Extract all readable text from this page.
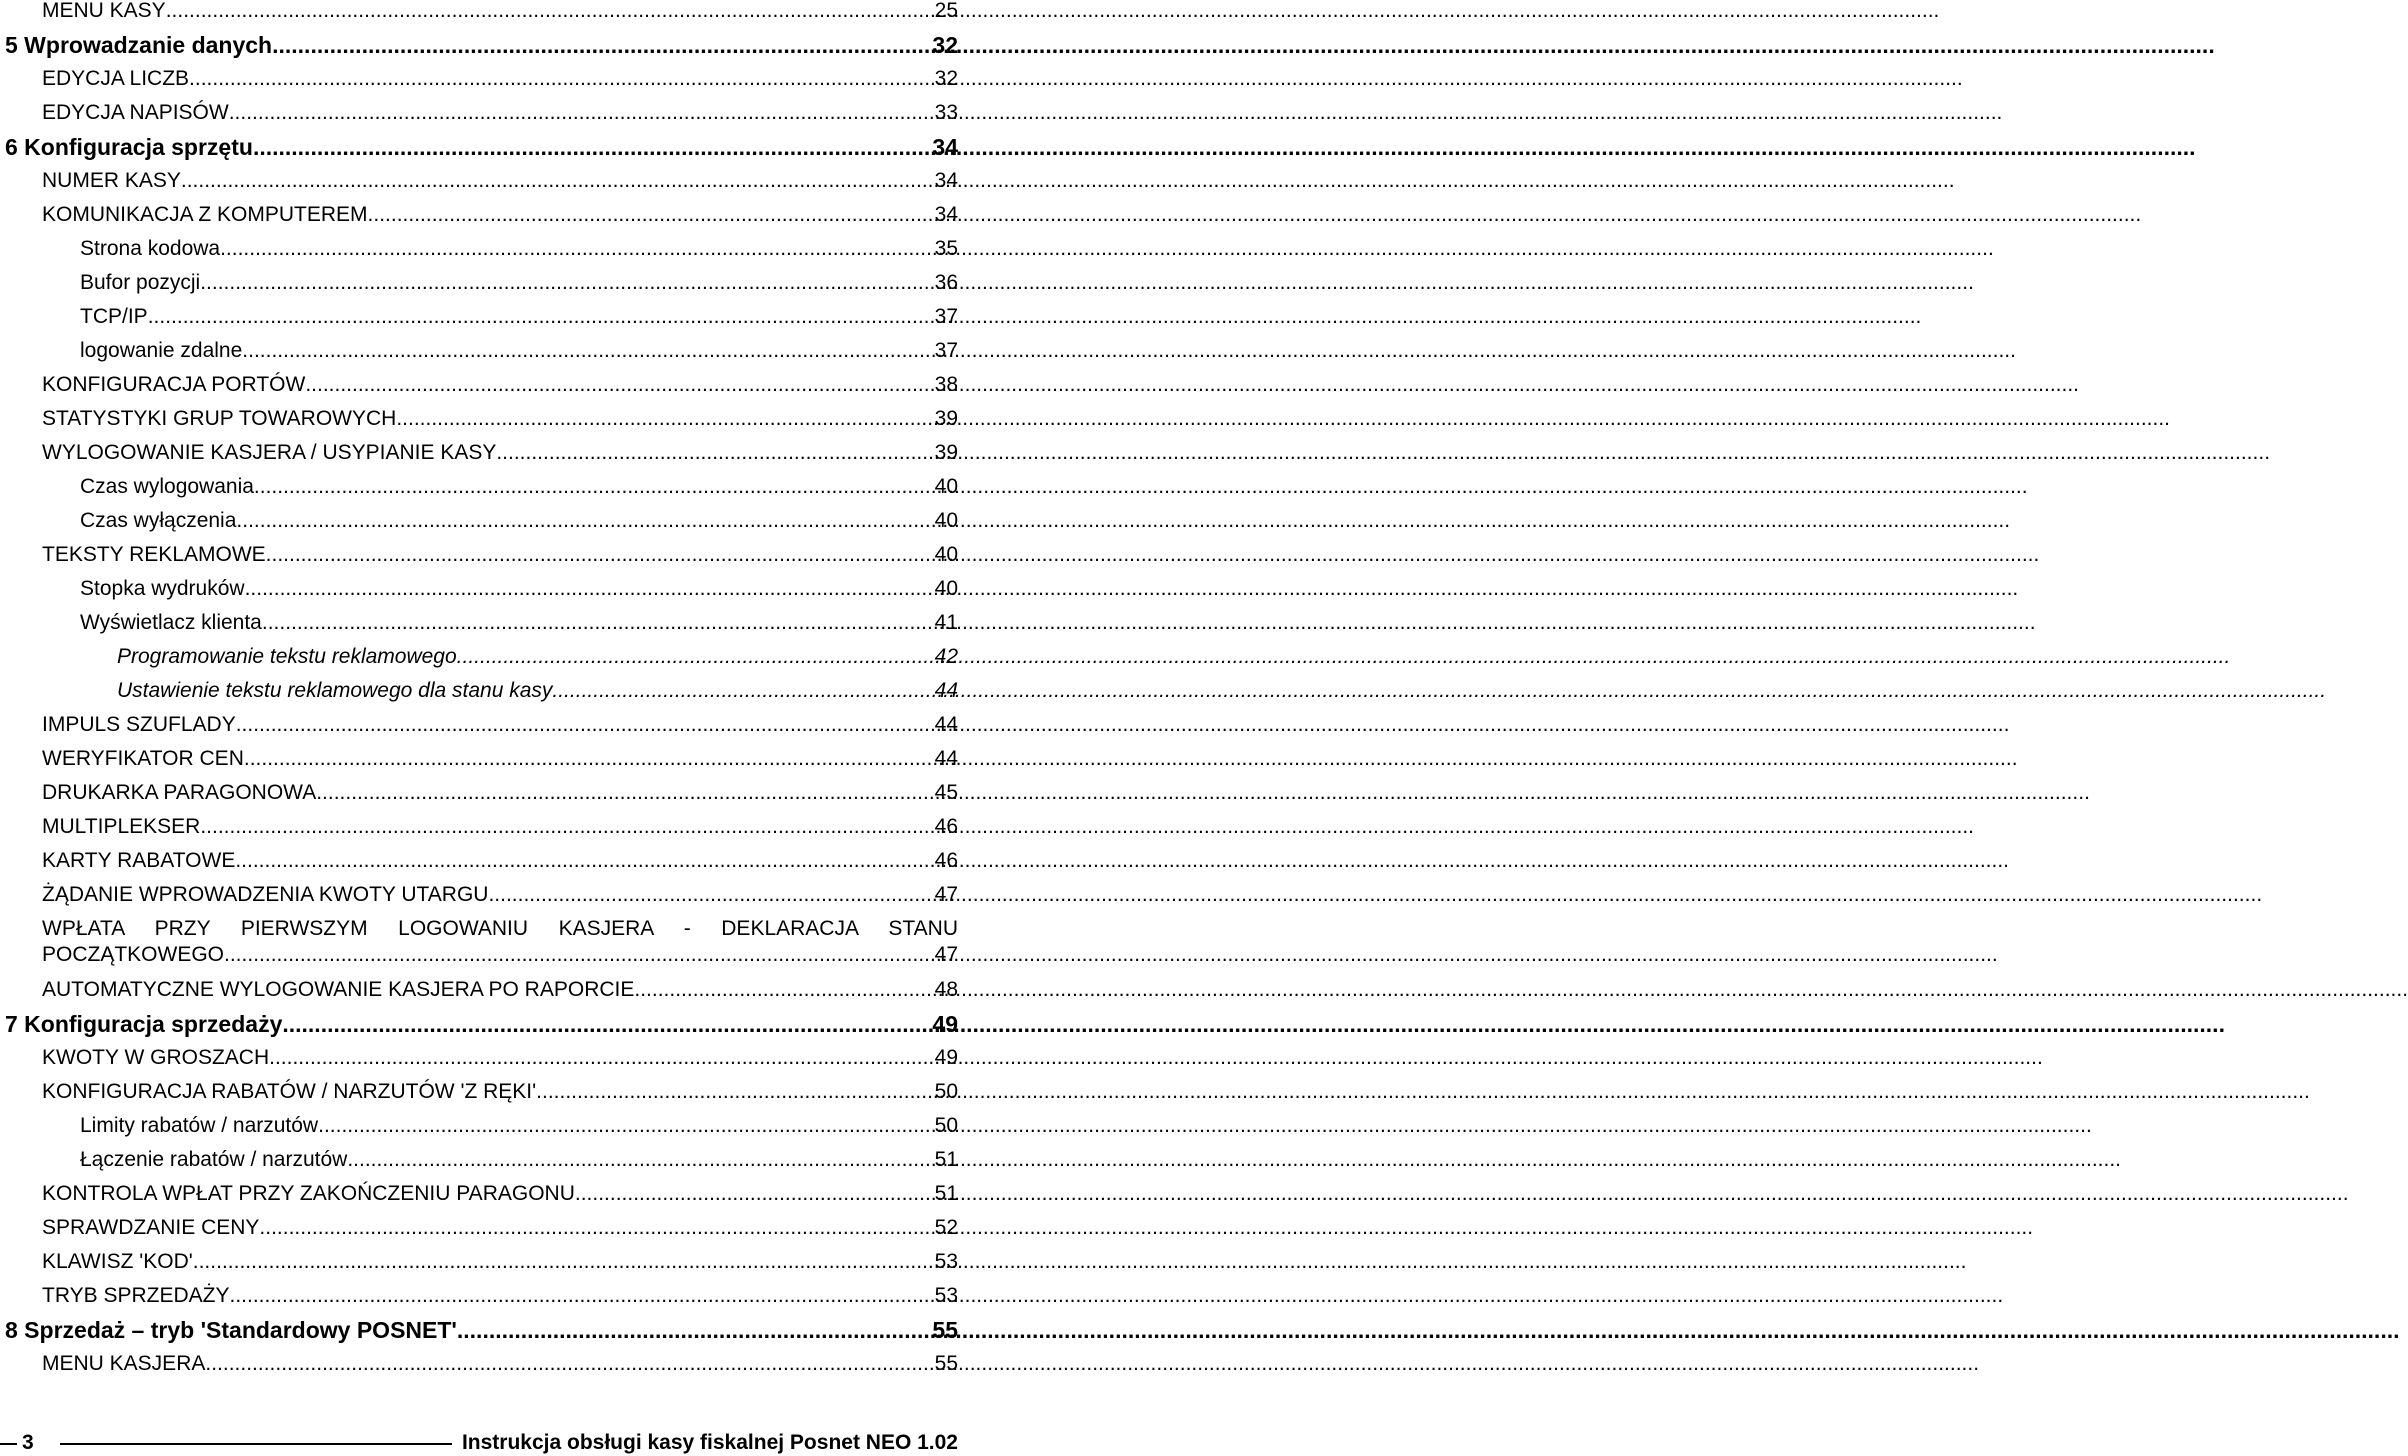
MENU KASY .....	25
5 Wprowadzanie danych .....	32
EDYCJA LICZB .....	32
EDYCJA NAPISÓW .....	33
6 Konfiguracja sprzętu .....	34
NUMER KASY .....	34
KOMUNIKACJA Z KOMPUTEREM .....	34
Strona kodowa .....	35
Bufor pozycji .....	36
TCP/IP .....	37
logowanie zdalne .....	37
KONFIGURACJA PORTÓW .....	38
STATYSTYKI GRUP TOWAROWYCH .....	39
WYLOGOWANIE KASJERA / USYPIANIE KASY .....	39
Czas wylogowania .....	40
Czas wyłączenia .....	40
TEKSTY REKLAMOWE .....	40
Stopka wydruków .....	40
Wyświetlacz klienta .....	41
Programowanie tekstu reklamowego .....	42
Ustawienie tekstu reklamowego dla stanu kasy .....	44
IMPULS SZUFLADY .....	44
WERYFIKATOR CEN .....	44
DRUKARKA PARAGONOWA .....	45
MULTIPLEKSER .....	46
KARTY RABATOWE .....	46
ŻĄDANIE WPROWADZENIA KWOTY UTARGU .....	47
WPŁATA PRZY PIERWSZYM LOGOWANIU KASJERA - DEKLARACJA STANU
POCZĄTKOWEGO .....	47
AUTOMATYCZNE WYLOGOWANIE KASJERA PO RAPORCIE .....	48
7 Konfiguracja sprzedaży .....	49
KWOTY W GROSZACH .....	49
KONFIGURACJA RABATÓW / NARZUTÓW 'Z RĘKI' .....	50
Limity rabatów / narzutów .....	50
Łączenie rabatów / narzutów .....	51
KONTROLA WPŁAT PRZY ZAKOŃCZENIU PARAGONU .....	51
SPRAWDZANIE CENY .....	52
KLAWISZ 'KOD' .....	53
TRYB SPRZEDAŻY .....	53
8 Sprzedaż – tryb 'Standardowy POSNET' .....	55
MENU KASJERA .....	55
3	Instrukcja obsługi kasy fiskalnej Posnet NEO 1.02
